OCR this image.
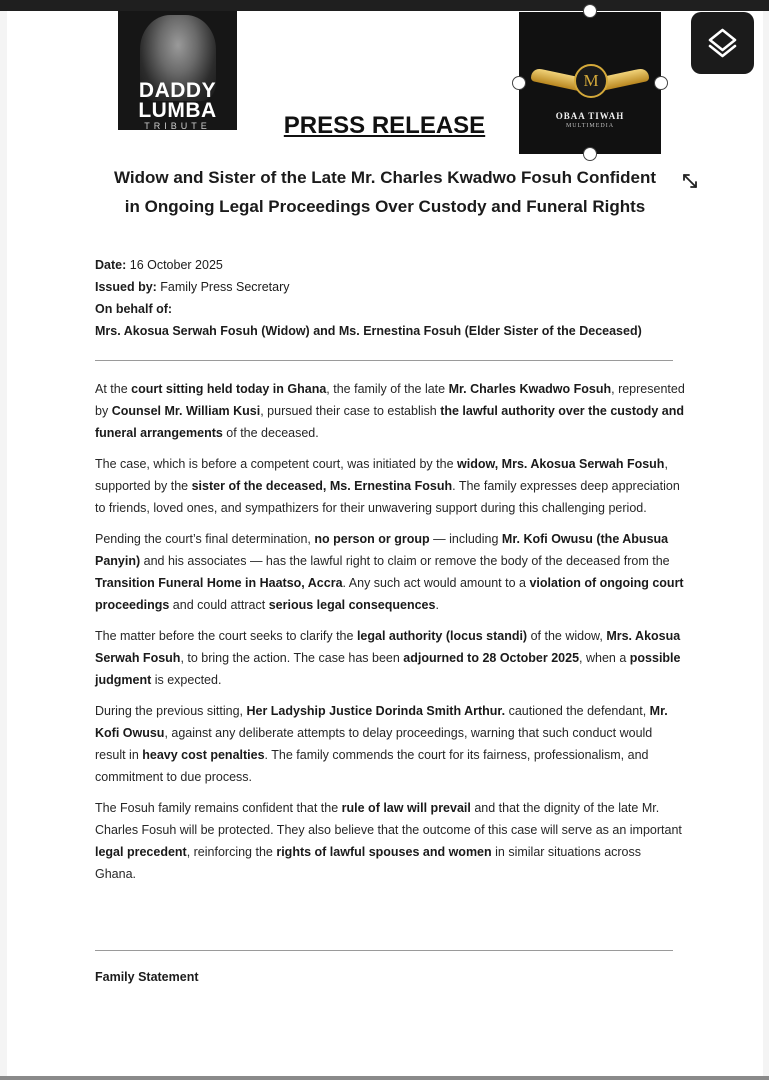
DADDY
LUMBA
TRIBUTE
M
OBAA TIWAH
MULTIMEDIA
PRESS RELEASE
Widow and Sister of the Late Mr. Charles Kwadwo Fosuh Confident
in Ongoing Legal Proceedings Over Custody and Funeral Rights
Date: 16 October 2025
Issued by: Family Press Secretary
On behalf of:
Mrs. Akosua Serwah Fosuh (Widow) and Ms. Ernestina Fosuh (Elder Sister of the Deceased)

At the court sitting held today in Ghana, the family of the late Mr. Charles Kwadwo Fosuh, represented by Counsel Mr. William Kusi, pursued their case to establish the lawful authority over the custody and funeral arrangements of the deceased.

The case, which is before a competent court, was initiated by the widow, Mrs. Akosua Serwah Fosuh, supported by the sister of the deceased, Ms. Ernestina Fosuh. The family expresses deep appreciation to friends, loved ones, and sympathizers for their unwavering support during this challenging period.

Pending the court’s final determination, no person or group — including Mr. Kofi Owusu (the Abusua Panyin) and his associates — has the lawful right to claim or remove the body of the deceased from the Transition Funeral Home in Haatso, Accra. Any such act would amount to a violation of ongoing court proceedings and could attract serious legal consequences.

The matter before the court seeks to clarify the legal authority (locus standi) of the widow, Mrs. Akosua Serwah Fosuh, to bring the action. The case has been adjourned to 28 October 2025, when a possible judgment is expected.

During the previous sitting, Her Ladyship Justice Dorinda Smith Arthur. cautioned the defendant, Mr. Kofi Owusu, against any deliberate attempts to delay proceedings, warning that such conduct would result in heavy cost penalties. The family commends the court for its fairness, professionalism, and commitment to due process.

The Fosuh family remains confident that the rule of law will prevail and that the dignity of the late Mr. Charles Fosuh will be protected. They also believe that the outcome of this case will serve as an important legal precedent, reinforcing the rights of lawful spouses and women in similar situations across Ghana.

Family Statement
